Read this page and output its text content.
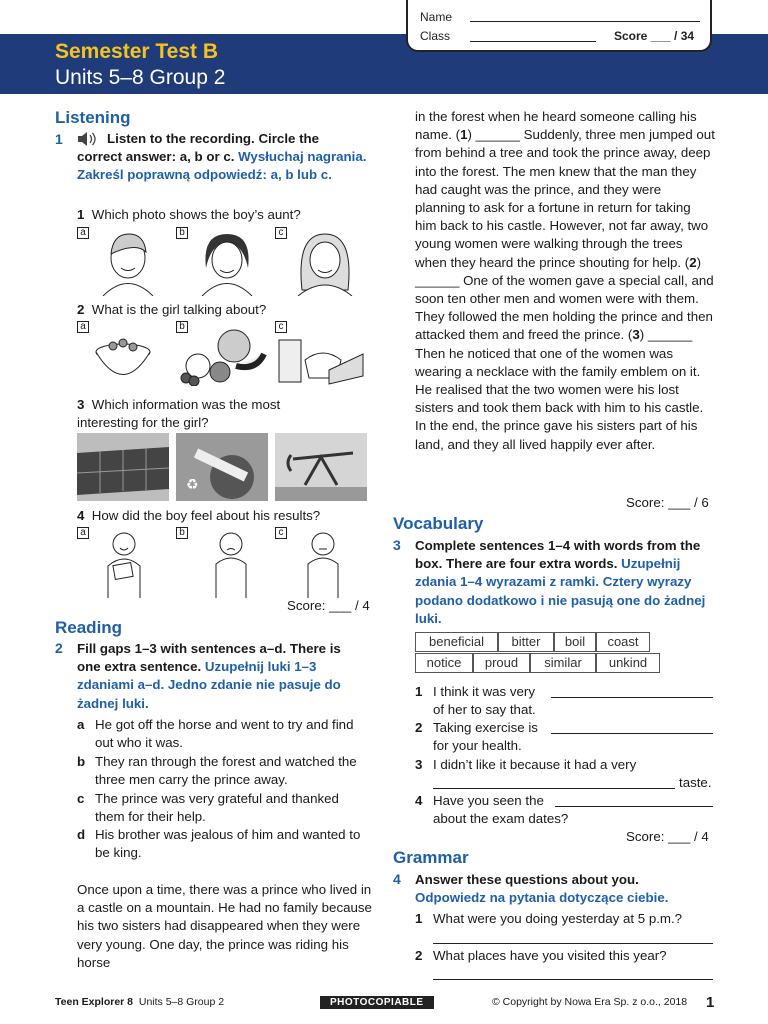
Semester Test B
Units 5–8 Group 2
Name
Class	Score ___ / 34
Listening
1	Listen to the recording. Circle the correct answer: a, b or c. Wysłuchaj nagrania. Zakreśl poprawną odpowiedź: a, b lub c.
1 Which photo shows the boy’s aunt?
a	b	c
2 What is the girl talking about?
a	b	c
3 Which information was the most interesting for the girl?
♻
4 How did the boy feel about his results?
a	b	c
Score: ___ / 4
Reading
2 Fill gaps 1–3 with sentences a–d. There is one extra sentence. Uzupełnij luki 1–3 zdaniami a–d. Jedno zdanie nie pasuje do żadnej luki.
a He got off the horse and went to try and find out who it was.
b They ran through the forest and watched the three men carry the prince away.
c The prince was very grateful and thanked them for their help.
d His brother was jealous of him and wanted to be king.
Once upon a time, there was a prince who lived in a castle on a mountain. He had no family because his two sisters had disappeared when they were very young. One day, the prince was riding his horse
in the forest when he heard someone calling his name. (1) ______ Suddenly, three men jumped out from behind a tree and took the prince away, deep into the forest. The men knew that the man they had caught was the prince, and they were planning to ask for a fortune in return for taking him back to his castle. However, not far away, two young women were walking through the trees when they heard the prince shouting for help. (2) ______ One of the women gave a special call, and soon ten other men and women were with them. They followed the men holding the prince and then attacked them and freed the prince. (3) ______ Then he noticed that one of the women was wearing a necklace with the family emblem on it. He realised that the two women were his lost sisters and took them back with him to his castle. In the end, the prince gave his sisters part of his land, and they all lived happily ever after.
Score: ___ / 6
Vocabulary
3 Complete sentences 1–4 with words from the box. There are four extra words. Uzupełnij zdania 1–4 wyrazami z ramki. Cztery wyrazy podano dodatkowo i nie pasują one do żadnej luki.
beneficial	bitter	boil	coast
notice	proud	similar	unkind
1 I think it was very
of her to say that.
2 Taking exercise is
for your health.
3 I didn’t like it because it had a very
taste.
4 Have you seen the
about the exam dates?
Score: ___ / 4
Grammar
4 Answer these questions about you.
Odpowiedz na pytania dotyczące ciebie.
1 What were you doing yesterday at 5 p.m.?
2 What places have you visited this year?
Teen Explorer 8 Units 5–8 Group 2	PHOTOCOPIABLE	© Copyright by Nowa Era Sp. z o.o., 2018 1
